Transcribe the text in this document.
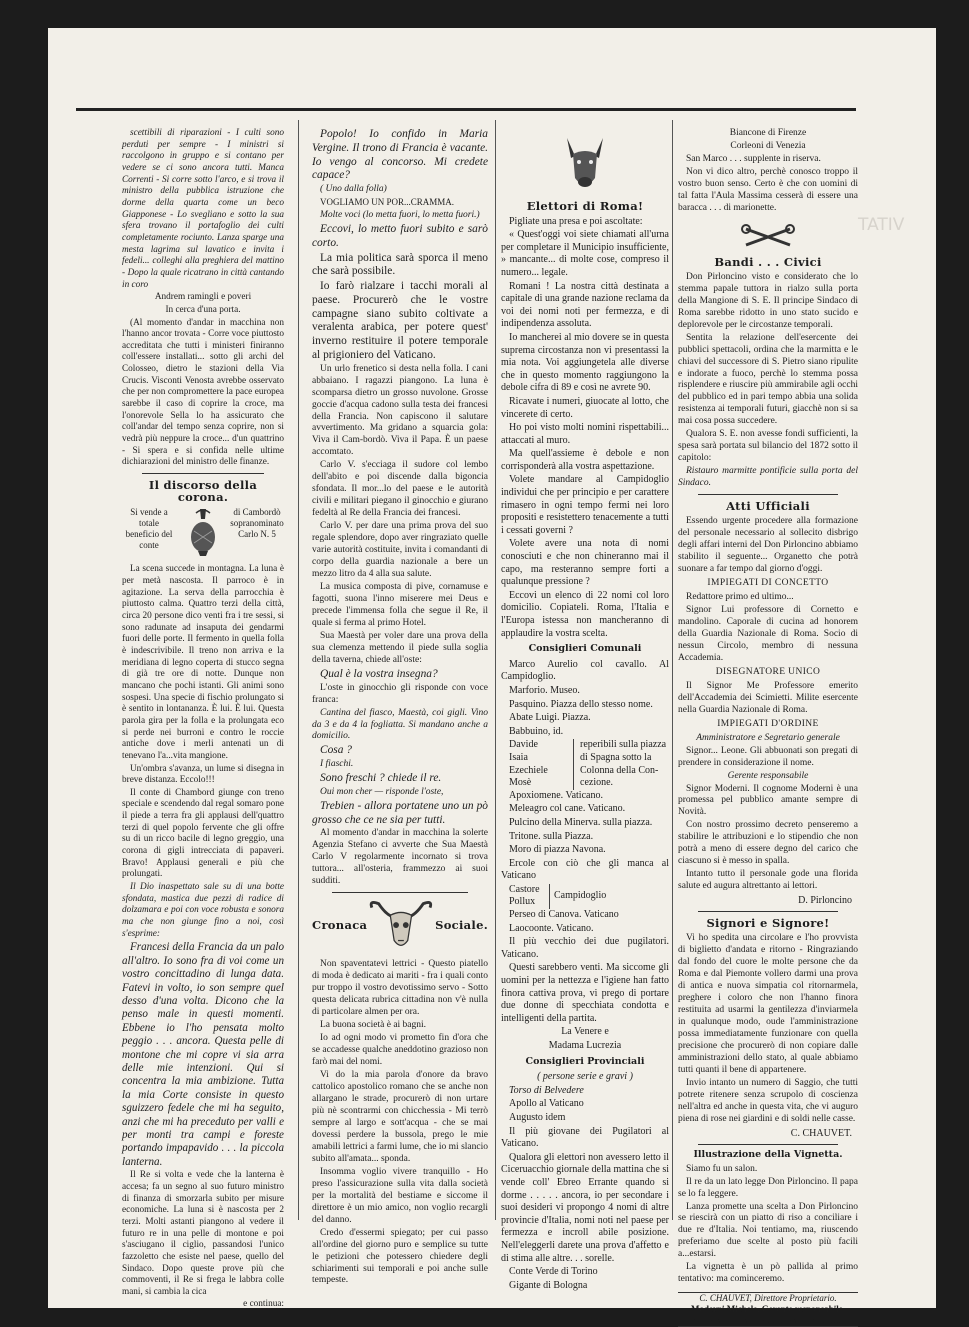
TATIV

scettibili di riparazioni - I culti sono perduti per sempre - I ministri si raccolgono in gruppo e si contano per vedere se ci sono ancora tutti. Manca Correnti - Si corre sotto l'arco, e si trova il ministro della pubblica istruzione che dorme della quarta come un beco Giapponese - Lo svegliano e sotto la sua sfera trovano il portafoglio dei culti completamente rociunto. Lanza sparge una mesta lagrima sul lavatico e invita i fedeli... colleghi alla preghiera del mattino - Dopo la quale ricatrano in città cantando in coro

Andrem ramingli e poveri

In cerca d'una porta.

(Al momento d'andar in macchina non l'hanno ancor trovata - Corre voce piuttosto accreditata che tutti i ministeri finiranno coll'essere installati... sotto gli archi del Colosseo, dietro le stazioni della Via Crucis. Visconti Venosta avrebbe osservato che per non compromettere la pace europea sarebbe il caso di coprire la croce, ma l'onorevole Sella lo ha assicurato che coll'andar del tempo senza coprire, non si vedrà più neppure la croce... d'un quattrino - Si spera e si confida nelle ultime dichiarazioni del ministro delle finanze.

Il discorso della corona.
Si vende a totale beneficio del conte
di Cambordò sopranominato Carlo N. 5

La scena succede in montagna. La luna è per metà nascosta. Il parroco è in agitazione. La serva della parrocchia è piuttosto calma. Quattro terzi della città, circa 20 persone dico venti fra i tre sessi, si sono radunate ad insaputa dei gendarmi fuori delle porte. Il fermento in quella folla è indescrivibile. Il treno non arriva e la meridiana di legno coperta di stucco segna di già tre ore di notte. Dunque non mancano che pochi istanti. Gli animi sono sospesi. Una specie di fischio prolungato si è sentito in lontananza. È lui. È lui. Questa parola gira per la folla e la prolungata eco si perde nei burroni e contro le roccie antiche dove i merli antenati un di tenevano l'a...vita mangione.

Un'ombra s'avanza, un lume si disegna in breve distanza. Eccolo!!!

Il conte di Chambord giunge con treno speciale e scendendo dal regal somaro pone il piede a terra fra gli applausi dell'quattro terzi di quel popolo fervente che gli offre su di un ricco bacile di legno greggio, una corona di gigli intrecciata di papaveri. Bravo! Applausi generali e più che prolungati.

Il Dio inaspettato sale su di una botte sfondata, mastica due pezzi di radice di dolzamara e poi con voce robusta e sonora ma che non giunge fino a noi, così s'esprime:

Francesi della Francia da un palo all'altro. Io sono fra di voi come un vostro concittadino di lunga data. Fatevi in volto, io son sempre quel desso d'una volta. Dicono che la penso male in questi momenti. Ebbene io l'ho pensata molto peggio . . . ancora. Questa pelle di montone che mi copre vi sia arra delle mie intenzioni. Qui si concentra la mia ambizione. Tutta la mia Corte consiste in questo sguizzero fedele che mi ha seguito, anzi che mi ha preceduto per valli e per monti tra campi e foreste portando impapavido . . . la piccola lanterna.

Il Re si volta e vede che la lanterna è accesa; fa un segno al suo futuro ministro di finanza di smorzarla subito per misure economiche. La luna si è nascosta per 2 terzi. Molti astanti piangono al vedere il futuro re in una pelle di montone e poi s'asciugano il ciglio, passandosi l'unico fazzoletto che esiste nel paese, quello del Sindaco. Dopo queste prove più che commoventi, il Re si frega le labbra colle mani, si cambia la cica

e continua:

Popolo! Io confido in Maria Vergine. Il trono di Francia è vacante. Io vengo al concorso. Mi credete capace?

( Uno dalla folla)

VOGLIAMO UN POR...CRAMMA.

Molte voci (lo metta fuori, lo metta fuori.)

Eccovi, lo metto fuori subito e sarò corto.

La mia politica sarà sporca il meno che sarà possibile.

Io farò rialzare i tacchi morali al paese. Procurerò che le vostre campagne siano subito coltivate a veralenta arabica, per potere quest' inverno restituire il potere temporale al prigioniero del Vaticano.

Un urlo frenetico si desta nella folla. I cani abbaiano. I ragazzi piangono. La luna è scomparsa dietro un grosso nuvolone. Grosse goccie d'acqua cadono sulla testa dei francesi della Francia. Non capiscono il salutare avvertimento. Ma gridano a squarcia gola: Viva il Cam-bordò. Viva il Papa. È un paese accomtato.

Carlo V. s'ecciaga il sudore col lembo dell'abito e poi discende dalla bigoncia sfondata. Il mor...lo del paese e le autorità civili e militari piegano il ginocchio e giurano fedeltà al Re della Francia dei francesi.

Carlo V. per dare una prima prova del suo regale splendore, dopo aver ringraziato quelle varie autorità costituite, invita i comandanti di corpo della guardia nazionale a bere un mezzo litro da 4 alla sua salute.

La musica composta di pive, cornamuse e fagotti, suona l'inno miserere mei Deus e precede l'immensa folla che segue il Re, il quale si ferma al primo Hotel.

Sua Maestà per voler dare una prova della sua clemenza mettendo il piede sulla soglia della taverna, chiede all'oste:

Qual è la vostra insegna?

L'oste in ginocchio gli risponde con voce franca:

Cantina del fiasco, Maestà, coi gigli. Vino da 3 e da 4 la fogliatta. Si mandano anche a domicilio.

Cosa ?

I fiaschi.

Sono freschi ? chiede il re.

Oui mon cher — risponde l'oste,

Trebien - allora portatene uno un pò grosso che ce ne sia per tutti.

Al momento d'andar in macchina la solerte Agenzia Stefano ci avverte che Sua Maestà Carlo V regolarmente incornato si trova tuttora... all'osteria, frammezzo ai suoi sudditi.

Cronaca	Sociale.

Non spaventatevi lettrici - Questo piatello di moda è dedicato ai mariti - fra i quali conto pur troppo il vostro devotissimo servo - Sotto questa delicata rubrica cittadina non v'è nulla di particolare almen per ora.

La buona società è ai bagni.

Io ad ogni modo vi prometto fin d'ora che se accadesse qualche aneddotino grazioso non farò mai del nomi.

Vi do la mia parola d'onore da bravo cattolico apostolico romano che se anche non allargano le strade, procurerò di non urtare più nè scontrarmi con chicchessia - Mi terrò sempre al largo e sott'acqua - che se mai dovessi perdere la bussola, prego le mie amabili lettrici a farmi lume, che io mi slancio subito all'amata... sponda.

Insomma voglio vivere tranquillo - Ho preso l'assicurazione sulla vita dalla società per la mortalità del bestiame e siccome il direttore è un mio amico, non voglio recargli del danno.

Credo d'essermi spiegato; per cui passo all'ordine del giorno puro e semplice su tutte le petizioni che potessero chiedere degli schiarimenti sui temporali e poi anche sulle tempeste.

Elettori di Roma!

Pigliate una presa e poi ascoltate:

« Quest'oggi voi siete chiamati all'urna per completare il Municipio insufficiente, » mancante... di molte cose, compreso il numero... legale.

Romani ! La nostra città destinata a capitale di una grande nazione reclama da voi dei nomi noti per fermezza, e di indipendenza assoluta.

Io mancherei al mio dovere se in questa suprema circostanza non vi presentassi la mia nota. Voi aggiungetela alle diverse che in questo momento raggiungono la debole cifra di 89 e così ne avrete 90.

Ricavate i numeri, giuocate al lotto, che vincerete di certo.

Ho poi visto molti nomini rispettabili... attaccati al muro.

Ma quell'assieme è debole e non corrisponderà alla vostra aspettazione.

Volete mandare al Campidoglio individui che per principio e per carattere rimasero in ogni tempo fermi nei loro propositi e resistettero tenacemente a tutti i cessati governi ?

Volete avere una nota di nomi conosciuti e che non chineranno mai il capo, ma resteranno sempre forti a qualunque pressione ?

Eccovi un elenco di 22 nomi col loro domicilio. Copiateli. Roma, l'Italia e l'Europa istessa non mancheranno di applaudire la vostra scelta.

Consiglieri Comunali

Marco Aurelio col cavallo. Al Campidoglio.

Marforio. Museo.

Pasquino. Piazza dello stesso nome.

Abate Luigi. Piazza.

Babbuino, id.

Davide
Isaia
Ezechiele
Mosè
reperibili sulla piazza
di Spagna sotto la
Colonna della Con-
cezione.

Apoxiomene. Vaticano.

Meleagro col cane. Vaticano.

Pulcino della Minerva. sulla piazza.

Tritone. sulla Piazza.

Moro di piazza Navona.

Ercole con ciò che gli manca al Vaticano

Castore
Pollux
Campidoglio

Perseo di Canova. Vaticano

Laocoonte. Vaticano.

Il più vecchio dei due pugilatori. Vaticano.

Questi sarebbero venti. Ma siccome gli uomini per la nettezza e l'igiene han fatto finora cattiva prova, vi prego di portare due donne di specchiata condotta e intelligenti della partita.

La Venere e

Madama Lucrezia

Consiglieri Provinciali

( persone serie e gravi )

Torso di Belvedere

Apollo al Vaticano

Augusto idem

Il più giovane dei Pugilatori al Vaticano.

Qualora gli elettori non avessero letto il Ciceruacchio giornale della mattina che si vende coll' Ebreo Errante quando si dorme . . . . . ancora, io per secondare i suoi desideri vi propongo 4 nomi di altre provincie d'Italia, nomi noti nel paese per fermezza e incroll abile posizione. Nell'eleggerli darete una prova d'affetto e di stima alle altre. . . sorelle.

Conte Verde di Torino

Gigante di Bologna

Biancone di Firenze

Corleoni di Venezia

San Marco . . . supplente in riserva.

Non vi dico altro, perchè conosco troppo il vostro buon senso. Certo è che con uomini di tal fatta l'Aula Massima cesserà di essere una baracca . . . di marionette.

Bandi . . . Civici

Don Pirloncino visto e considerato che lo stemma papale tuttora in rialzo sulla porta della Mangione di S. E. Il principe Sindaco di Roma sarebbe ridotto in uno stato sucido e deplorevole per le circostanze temporali.

Sentita la relazione dell'esercente dei pubblici spettacoli, ordina che la marmitta e le chiavi del successore di S. Pietro siano ripulite e indorate a fuoco, perchè lo stemma possa risplendere e riuscire più ammirabile agli occhi del pubblico ed in pari tempo abbia una solida resistenza ai temporali futuri, giacchè non si sa mai cosa possa succedere.

Qualora S. E. non avesse fondi sufficienti, la spesa sarà portata sul bilancio del 1872 sotto il capitolo:

Ristauro marmitte pontificie sulla porta del Sindaco.

Atti Ufficiali

Essendo urgente procedere alla formazione del personale necessario al sollecito disbrigo degli affari interni del Don Pirloncino abbiamo stabilito il seguente... Organetto che potrà suonare a far tempo dal giorno d'oggi.

IMPIEGATI DI CONCETTO

Redattore primo ed ultimo...

Signor Lui professore di Cornetto e mandolino. Caporale di cucina ad honorem della Guardia Nazionale di Roma. Socio di nessun Circolo, membro di nessuna Accademia.

DISEGNATORE UNICO

Il Signor Me Professore emerito dell'Accademia dei Scimietti. Milite esercente nella Guardia Nazionale di Roma.

IMPIEGATI D'ORDINE

Amministratore e Segretario generale

Signor... Leone. Gli abbuonati son pregati di prendere in considerazione il nome.

Gerente responsabile

Signor Moderni. Il cognome Moderni è una promessa pel pubblico amante sempre di Novità.

Con nostro prossimo decreto penseremo a stabilire le attribuzioni e lo stipendio che non potrà a meno di essere degno del carico che ciascuno si è messo in spalla.

Intanto tutto il personale gode una florida salute ed augura altrettanto ai lettori.

D. Pirloncino
Signori e Signore!

Vi ho spedita una circolare e l'ho provvista di biglietto d'andata e ritorno - Ringraziando dal fondo del cuore le molte persone che da Roma e dal Piemonte vollero darmi una prova di antica e nuova simpatia col ritornarmela, preghere i coloro che non l'hanno finora restituita ad usarmi la gentilezza d'inviarmela in qualunque modo, oude l'amministrazione possa immediatamente funzionare con quella precisione che procurerò di non copiare dalle amministrazioni dello stato, al quale abbiamo tutti quanti il bene di appartenere.

Invio intanto un numero di Saggio, che tutti potrete ritenere senza scrupolo di coscienza nell'altra ed anche in questa vita, che vi auguro piena di rose nei giardini e di soldi nelle casse.

C. CHAUVET.
Illustrazione della Vignetta.

Siamo fu un salon.

Il re da un lato legge Don Pirloncino. Il papa se lo fa leggere.

Lanza promette una scelta a Don Pirloncino se riescirà con un piatto di riso a conciliare i due re d'Italia. Noi tentiamo, ma, riuscendo preferiamo due scelte al posto più facili a...estarsi.

La vignetta è un pò pallida al primo tentativo: ma cominceremo.

C. CHAUVET, Direttore Proprietario.
Moderni Michele, Gerente responsabile.
Succ. Regia Tipografia, via S. Stefano del Cacco, 91.
